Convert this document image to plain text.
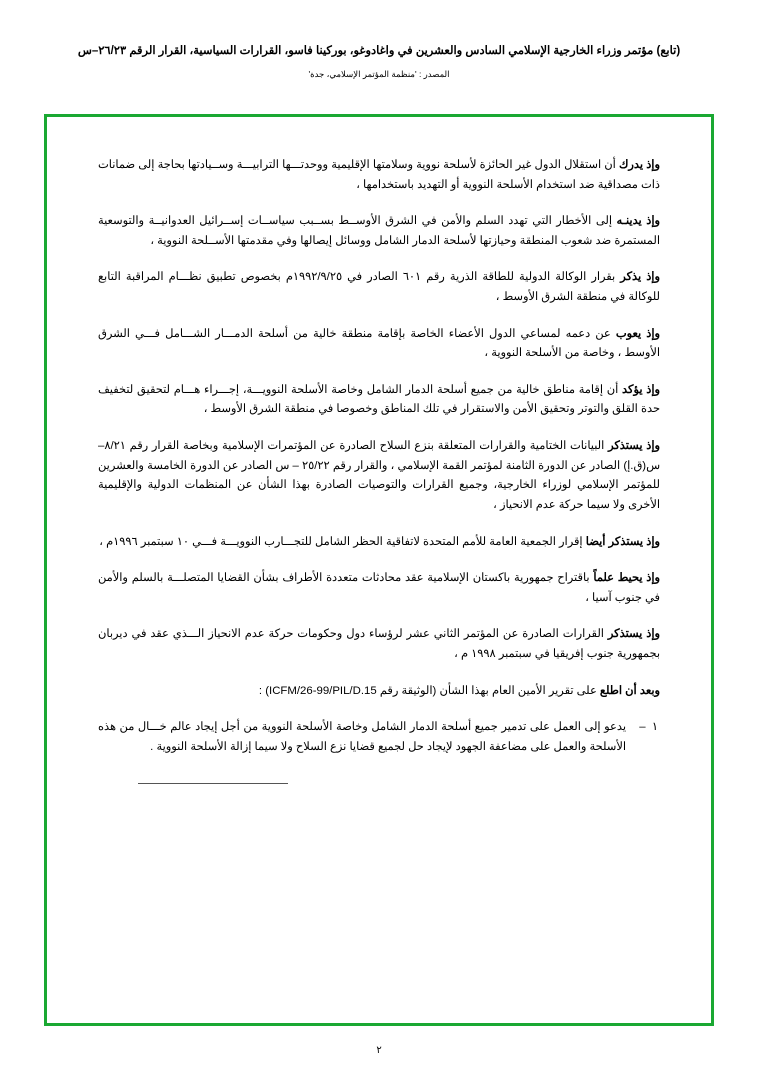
(تابع) مؤتمر وزراء الخارجية الإسلامي السادس والعشرين في واغادوغو، بوركينا فاسو، القرارات السياسية، القرار الرقم ٢٦/٢٣–س
المصدر : 'منظمة المؤتمر الإسلامي، جدة'

وإذ يدرك أن استقلال الدول غير الحائزة لأسلحة نووية وسلامتها الإقليمية ووحدتـــها الترابيـــة وســيادتها بحاجة إلى ضمانات ذات مصداقية ضد استخدام الأسلحة النووية أو التهديد باستخدامها ،

وإذ يدينـه إلى الأخطار التي تهدد السلم والأمن في الشرق الأوســط بســبب سياســات إســرائيل العدوانيــة والتوسعية المستمرة ضد شعوب المنطقة وحيازتها لأسلحة الدمار الشامل ووسائل إيصالها وفي مقدمتها الأســلحة النووية ،

وإذ يذكر بقرار الوكالة الدولية للطاقة الذرية رقم ٦٠١ الصادر في ١٩٩٢/٩/٢٥م بخصوص تطبيق نظـــام المراقبة التابع للوكالة في منطقة الشرق الأوسط ،

وإذ يعوب عن دعمه لمساعي الدول الأعضاء الخاصة بإقامة منطقة خالية من أسلحة الدمـــار الشـــامل فـــي الشرق الأوسط ، وخاصة من الأسلحة النووية ،

وإذ يؤكد أن إقامة مناطق خالية من جميع أسلحة الدمار الشامل وخاصة الأسلحة النوويـــة، إجـــراء هـــام لتحقيق لتخفيف حدة القلق والتوتر وتحقيق الأمن والاستقرار في تلك المناطق وخصوصا في منطقة الشرق الأوسط ،

وإذ يستذكر البيانات الختامية والقرارات المتعلقة بنزع السلاح الصادرة عن المؤتمرات الإسلامية وبخاصة القرار رقم ٨/٢١–س(ق.إ) الصادر عن الدورة الثامنة لمؤتمر القمة الإسلامي ، والقرار رقم ٢٥/٢٢ – س الصادر عن الدورة الخامسة والعشرين للمؤتمر الإسلامي لوزراء الخارجية، وجميع القرارات والتوصيات الصادرة بهذا الشأن عن المنظمات الدولية والإقليمية الأخرى ولا سيما حركة عدم الانحياز ،

وإذ يستذكر أيضا إقرار الجمعية العامة للأمم المتحدة لاتفاقية الحظر الشامل للتجـــارب النوويـــة فـــي ١٠ سبتمبر ١٩٩٦م ،

وإذ يحيط علماً باقتراح جمهورية باكستان الإسلامية عقد محادثات متعددة الأطراف بشأن القضايا المتصلـــة بالسلم والأمن في جنوب آسيا ،

وإذ يستذكر القرارات الصادرة عن المؤتمر الثاني عشر لرؤساء دول وحكومات حركة عدم الانحياز الـــذي عقد في ديربان بجمهورية جنوب إفريقيا في سبتمبر ١٩٩٨ م ،

وبعد أن اطلع على تقرير الأمين العام بهذا الشأن (الوثيقة رقم ICFM/26-99/PIL/D.15) :

١  –
يدعو إلى العمل على تدمير جميع أسلحة الدمار الشامل وخاصة الأسلحة النووية من أجل إيجاد عالم خـــال من هذه الأسلحة والعمل على مضاعفة الجهود لإيجاد حل لجميع قضايا نزع السلاح ولا سيما إزالة الأسلحة النووية .
٢
